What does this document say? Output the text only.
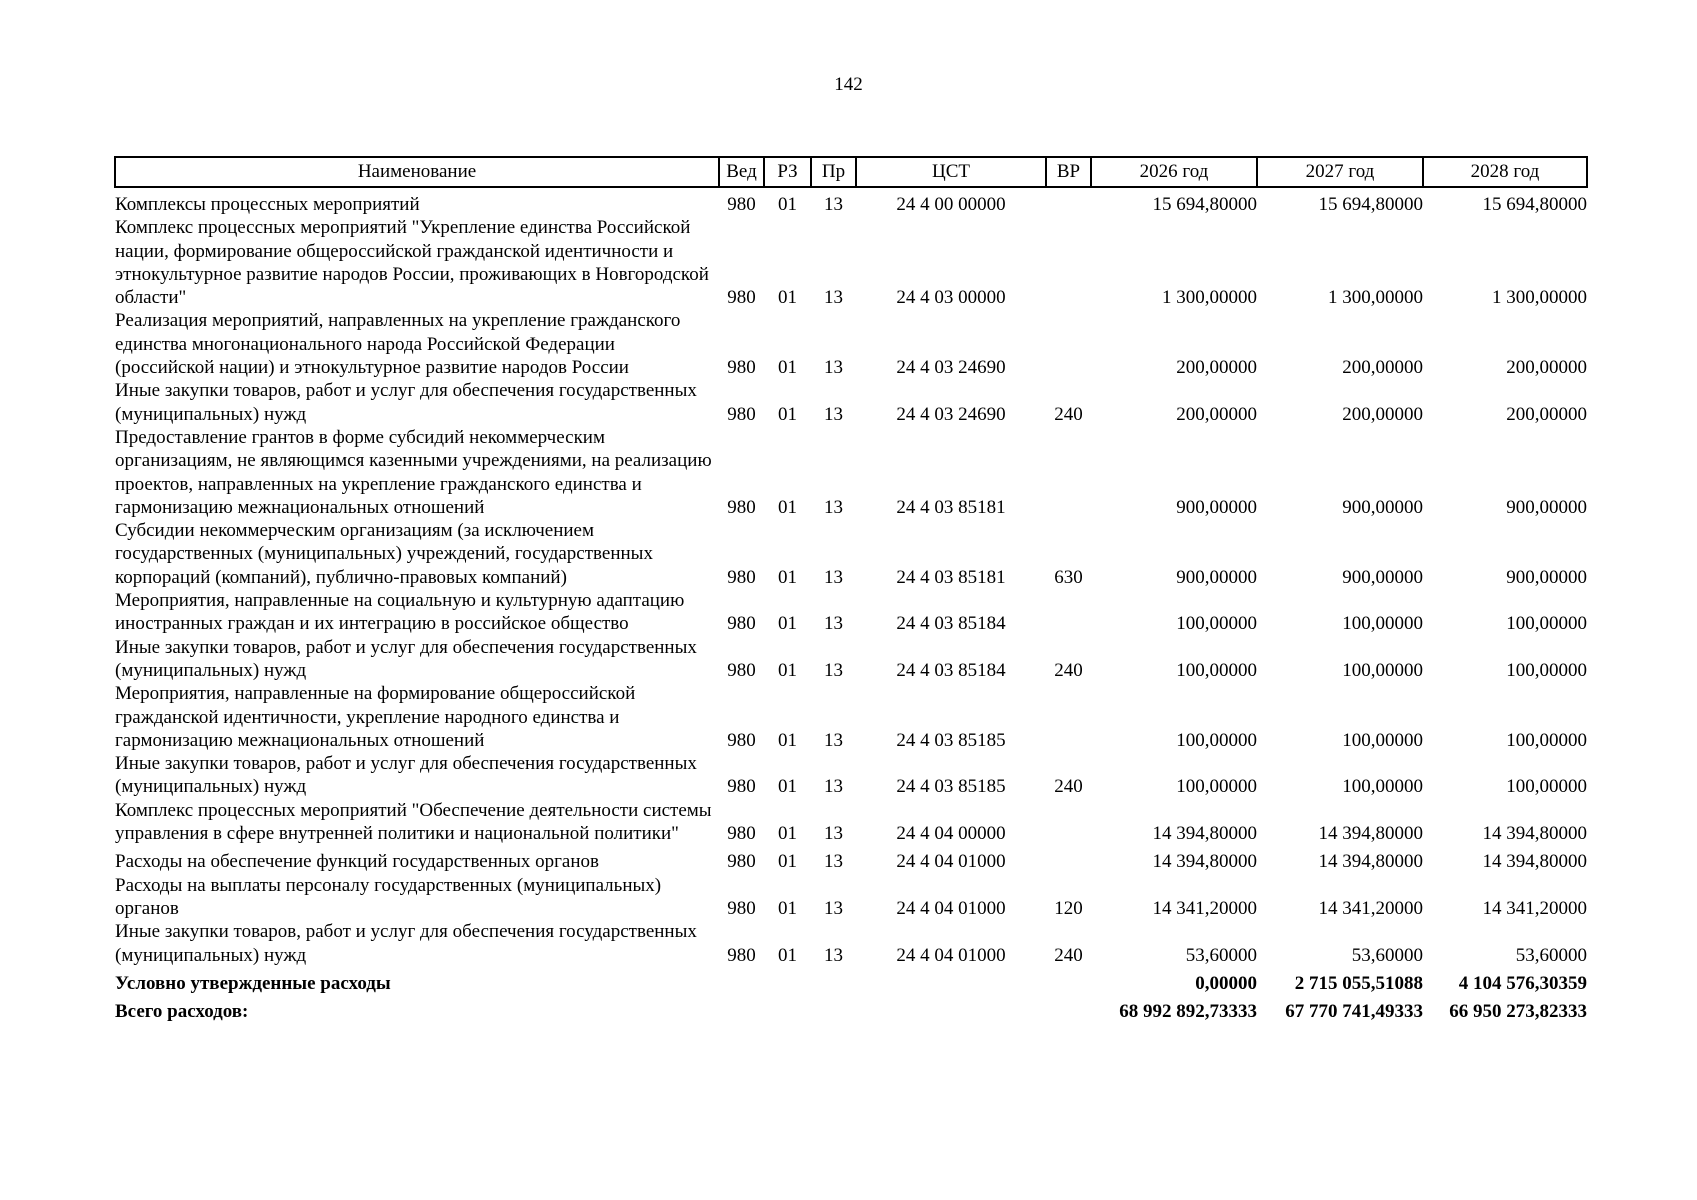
142
Наименование	Вед	РЗ	Пр	ЦСТ	ВР	2026 год	2027 год	2028 год
Комплексы процессных мероприятий	980	01	13	24 4 00 00000		15 694,80000	15 694,80000	15 694,80000
Комплекс процессных мероприятий "Укрепление единства Российской нации, формирование общероссийской гражданской идентичности и этнокультурное развитие народов России, проживающих в Новгородской области"	980	01	13	24 4 03 00000		1 300,00000	1 300,00000	1 300,00000
Реализация мероприятий, направленных на укрепление гражданского единства многонационального народа Российской Федерации (российской нации) и этнокультурное развитие народов России	980	01	13	24 4 03 24690		200,00000	200,00000	200,00000
Иные закупки товаров, работ и услуг для обеспечения государственных (муниципальных) нужд	980	01	13	24 4 03 24690	240	200,00000	200,00000	200,00000
Предоставление грантов в форме субсидий некоммерческим организациям, не являющимся казенными учреждениями, на реализацию проектов, направленных на укрепление гражданского единства и гармонизацию межнациональных отношений	980	01	13	24 4 03 85181		900,00000	900,00000	900,00000
Субсидии некоммерческим организациям (за исключением государственных (муниципальных) учреждений, государственных корпораций (компаний), публично-правовых компаний)	980	01	13	24 4 03 85181	630	900,00000	900,00000	900,00000
Мероприятия, направленные на социальную и культурную адаптацию иностранных граждан и их интеграцию в российское общество	980	01	13	24 4 03 85184		100,00000	100,00000	100,00000
Иные закупки товаров, работ и услуг для обеспечения государственных (муниципальных) нужд	980	01	13	24 4 03 85184	240	100,00000	100,00000	100,00000
Мероприятия, направленные на формирование общероссийской гражданской идентичности, укрепление народного единства и гармонизацию межнациональных отношений	980	01	13	24 4 03 85185		100,00000	100,00000	100,00000
Иные закупки товаров, работ и услуг для обеспечения государственных (муниципальных) нужд	980	01	13	24 4 03 85185	240	100,00000	100,00000	100,00000
Комплекс процессных мероприятий "Обеспечение деятельности системы управления в сфере внутренней политики и национальной политики"	980	01	13	24 4 04 00000		14 394,80000	14 394,80000	14 394,80000
Расходы на обеспечение функций государственных органов	980	01	13	24 4 04 01000		14 394,80000	14 394,80000	14 394,80000
Расходы на выплаты персоналу государственных (муниципальных) органов	980	01	13	24 4 04 01000	120	14 341,20000	14 341,20000	14 341,20000
Иные закупки товаров, работ и услуг для обеспечения государственных (муниципальных) нужд	980	01	13	24 4 04 01000	240	53,60000	53,60000	53,60000
Условно утвержденные расходы						0,00000	2 715 055,51088	4 104 576,30359
Всего расходов:						68 992 892,73333	67 770 741,49333	66 950 273,82333
